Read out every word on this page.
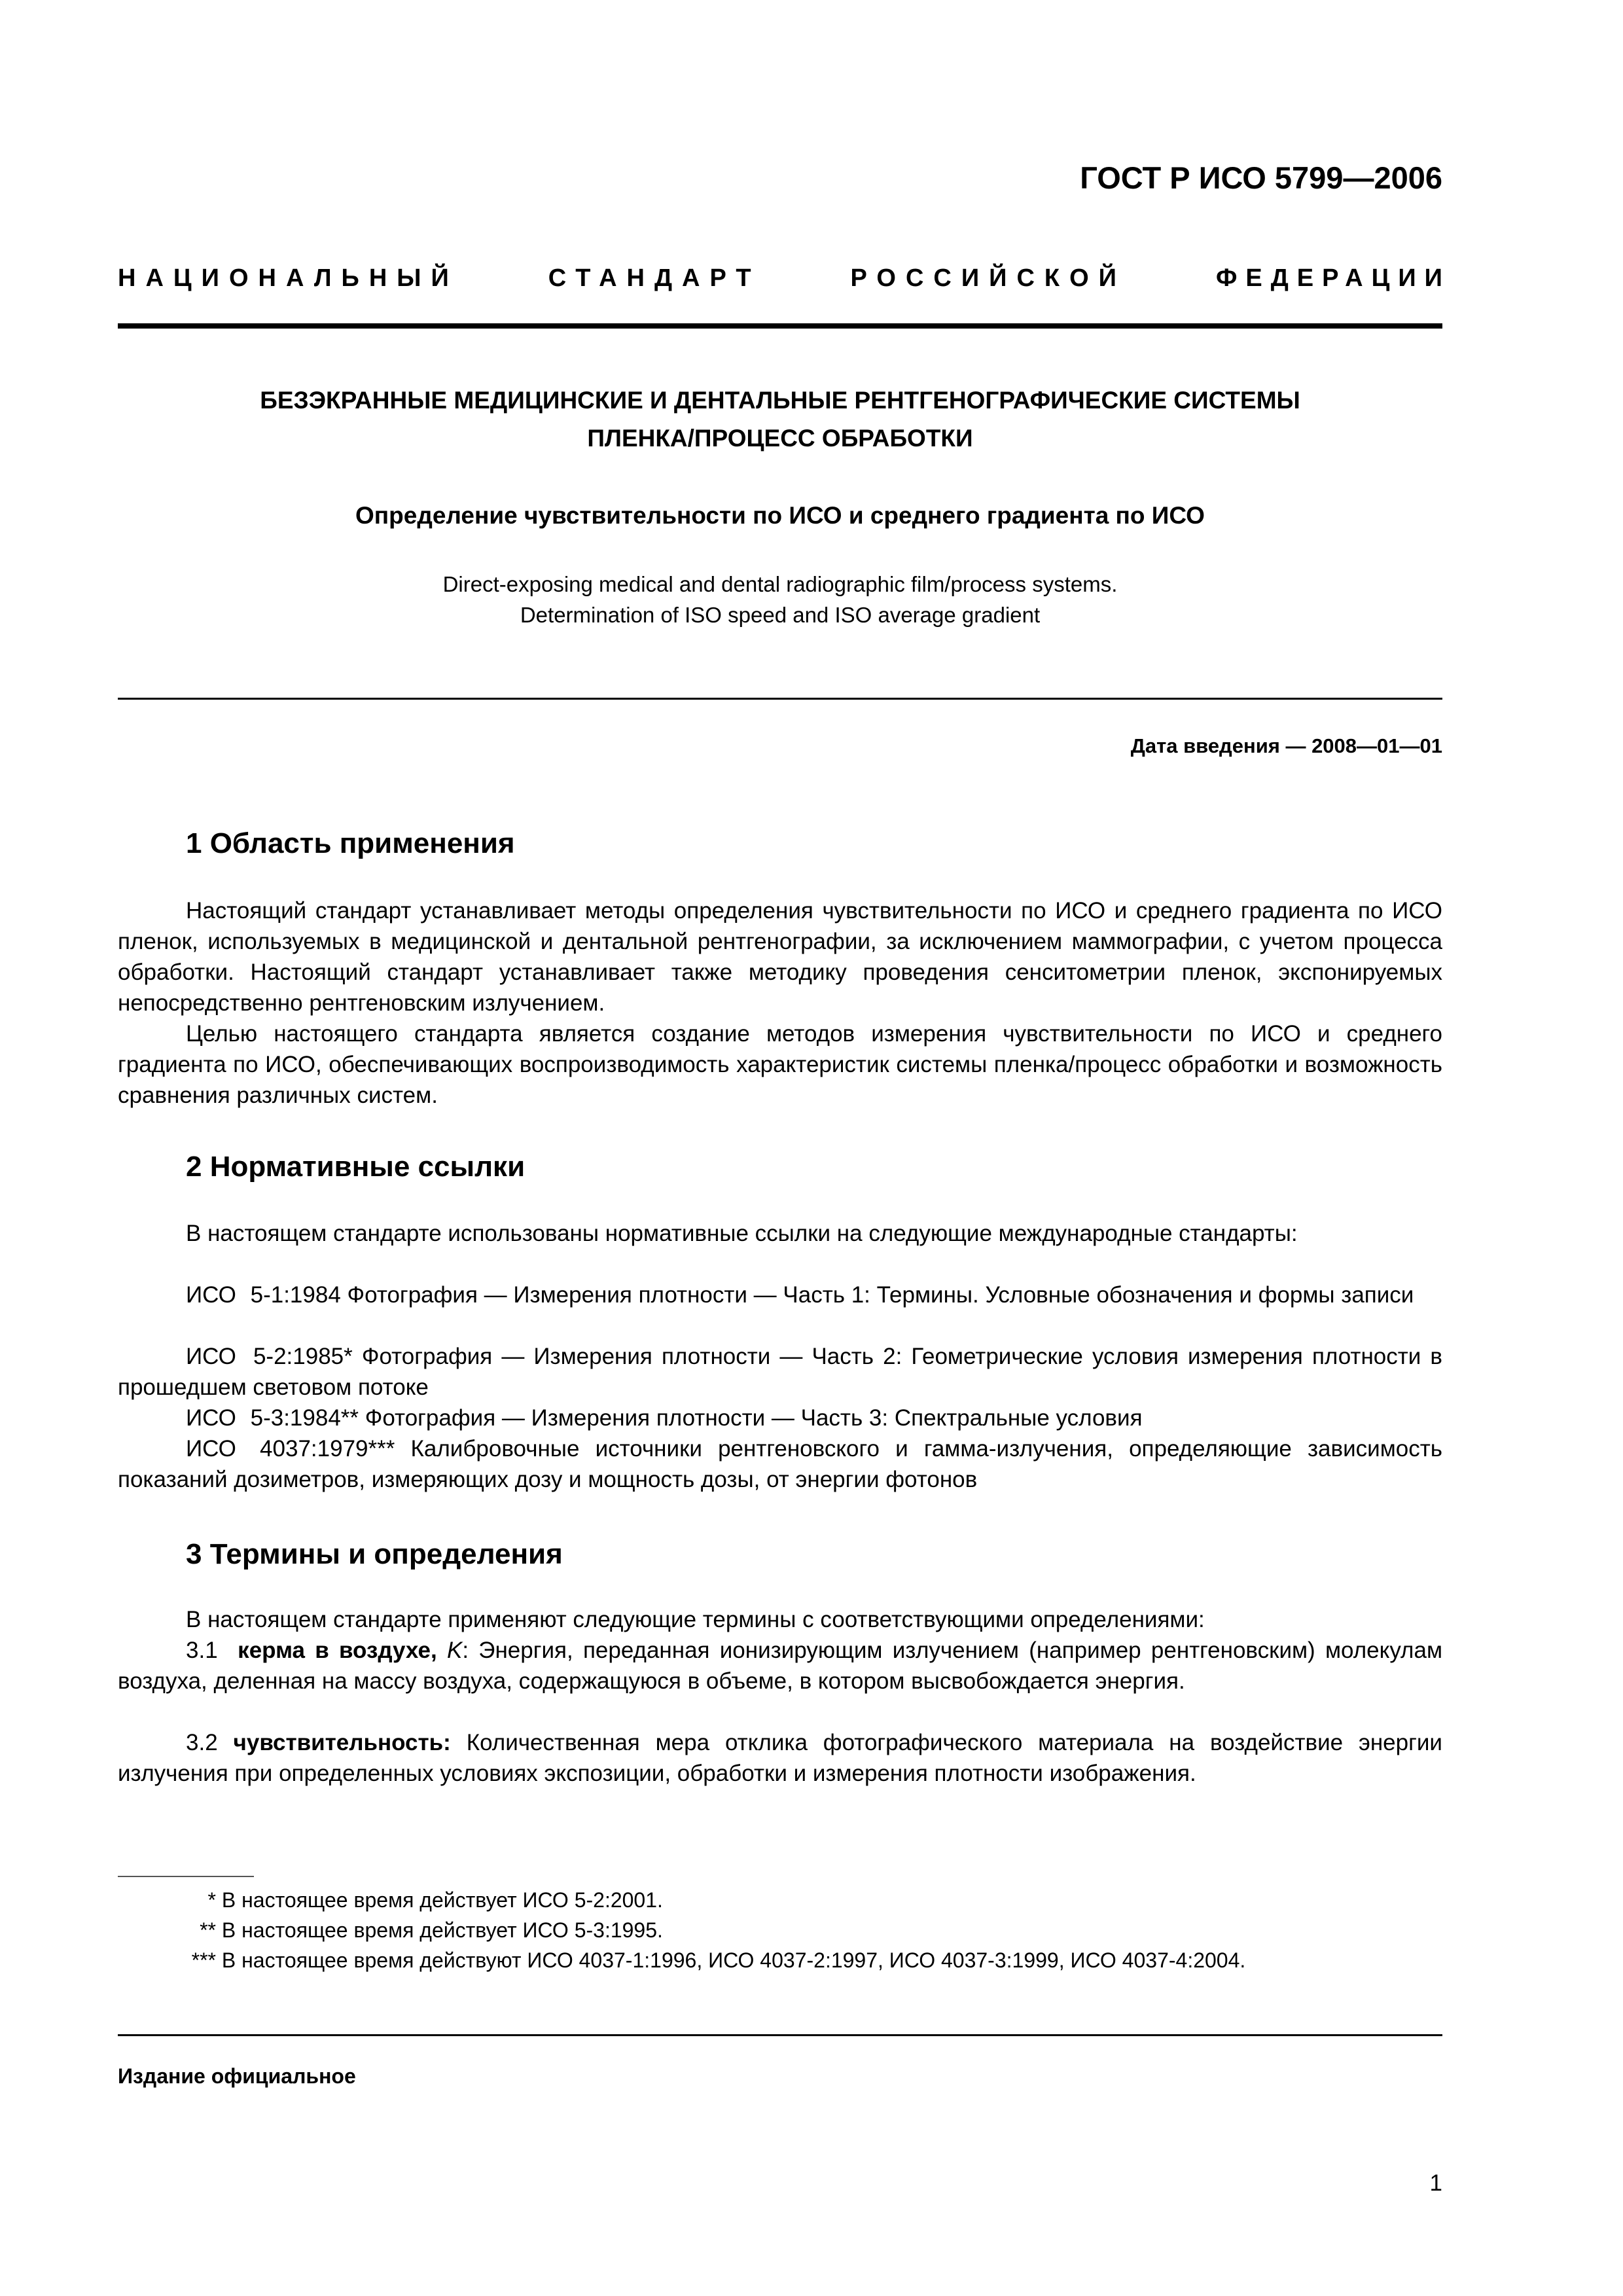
ГОСТ Р ИСО 5799—2006

НАЦИОНАЛЬНЫЙ	СТАНДАРТ	РОССИЙСКОЙ	ФЕДЕРАЦИИ

БЕЗЭКРАННЫЕ МЕДИЦИНСКИЕ И ДЕНТАЛЬНЫЕ РЕНТГЕНОГРАФИЧЕСКИЕ СИСТЕМЫ
ПЛЕНКА/ПРОЦЕСС ОБРАБОТКИ

Определение чувствительности по ИСО и среднего градиента по ИСО

Direct-exposing medical and dental radiographic film/process systems.
Determination of ISO speed and ISO average gradient

Дата введения — 2008—01—01

1 Область применения

Настоящий стандарт устанавливает методы определения чувствительности по ИСО и среднего градиента по ИСО пленок, используемых в медицинской и дентальной рентгенографии, за исключением маммографии, с учетом процесса обработки. Настоящий стандарт устанавливает также методику проведения сенситометрии пленок, экспонируемых непосредственно рентгеновским излучением.

Целью настоящего стандарта является создание методов измерения чувствительности по ИСО и среднего градиента по ИСО, обеспечивающих воспроизводимость характеристик системы пленка/процесс обработки и возможность сравнения различных систем.

2 Нормативные ссылки

В настоящем стандарте использованы нормативные ссылки на следующие международные стандарты:

ИСО 5-1:1984 Фотография — Измерения плотности — Часть 1: Термины. Условные обозначения и формы записи

ИСО 5-2:1985* Фотография — Измерения плотности — Часть 2: Геометрические условия измерения плотности в прошедшем световом потоке

ИСО 5-3:1984** Фотография — Измерения плотности — Часть 3: Спектральные условия

ИСО 4037:1979*** Калибровочные источники рентгеновского и гамма-излучения, определяющие зависимость показаний дозиметров, измеряющих дозу и мощность дозы, от энергии фотонов

3 Термины и определения

В настоящем стандарте применяют следующие термины с соответствующими определениями:

3.1 керма в воздухе, K: Энергия, переданная ионизирующим излучением (например рентгеновским) молекулам воздуха, деленная на массу воздуха, содержащуюся в объеме, в котором высвобождается энергия.

3.2 чувствительность: Количественная мера отклика фотографического материала на воздействие энергии излучения при определенных условиях экспозиции, обработки и измерения плотности изображения.

* В настоящее время действует ИСО 5-2:2001.

** В настоящее время действует ИСО 5-3:1995.

*** В настоящее время действуют ИСО 4037-1:1996, ИСО 4037-2:1997, ИСО 4037-3:1999, ИСО 4037-4:2004.

Издание официальное

1
